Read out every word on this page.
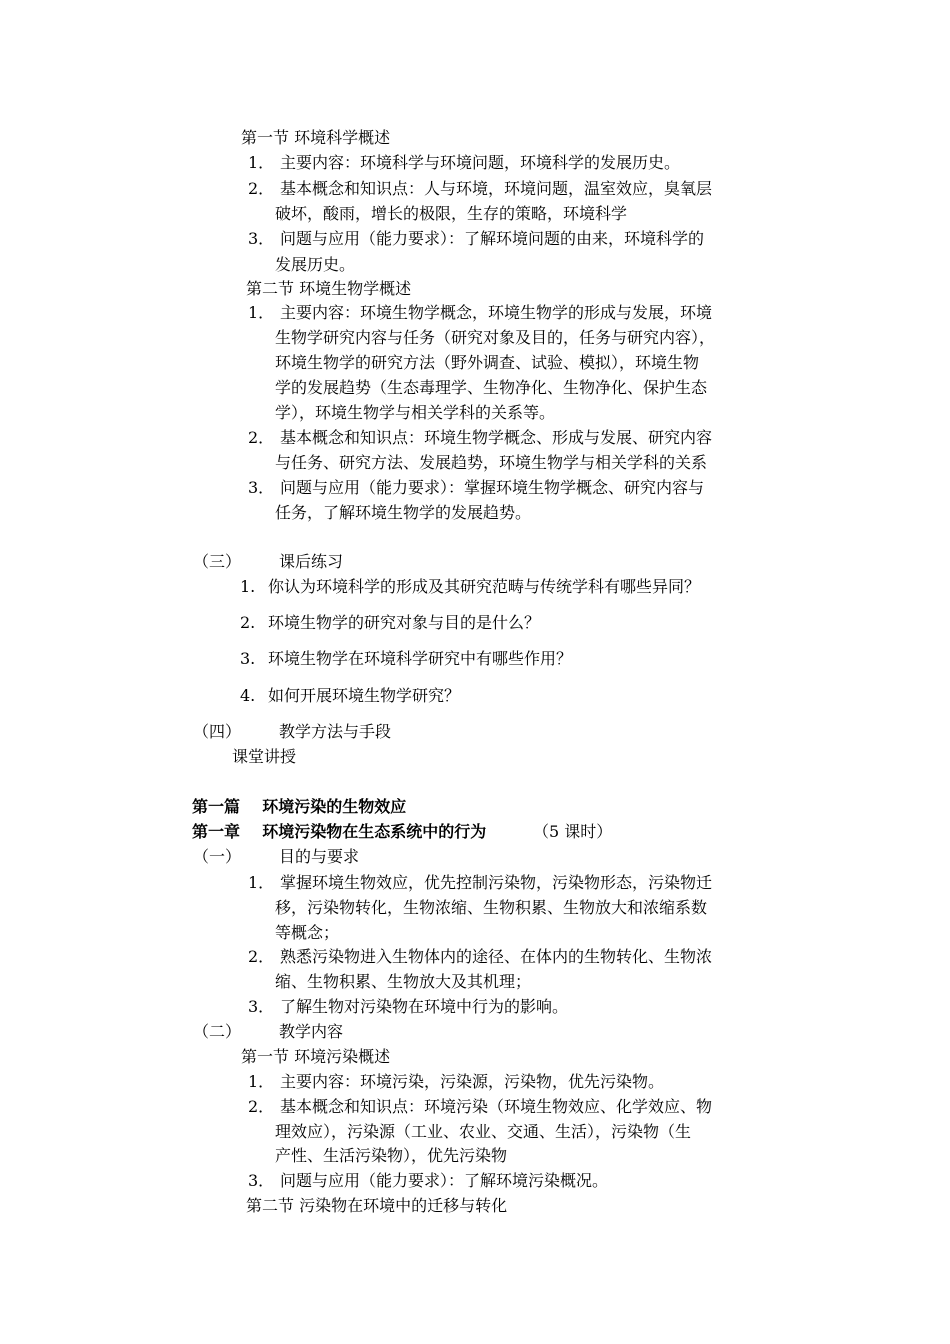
第一节 环境科学概述
1． 主要内容：环境科学与环境问题，环境科学的发展历史。
2． 基本概念和知识点：人与环境，环境问题，温室效应，臭氧层
破坏，酸雨，增长的极限，生存的策略，环境科学
3． 问题与应用（能力要求）：了解环境问题的由来，环境科学的
发展历史。
第二节 环境生物学概述
1． 主要内容：环境生物学概念，环境生物学的形成与发展，环境
生物学研究内容与任务（研究对象及目的，任务与研究内容），
环境生物学的研究方法（野外调查、试验、模拟），环境生物
学的发展趋势（生态毒理学、生物净化、生物净化、保护生态
学），环境生物学与相关学科的关系等。
2． 基本概念和知识点：环境生物学概念、形成与发展、研究内容
与任务、研究方法、发展趋势，环境生物学与相关学科的关系
3． 问题与应用（能力要求）：掌握环境生物学概念、研究内容与
任务，了解环境生物学的发展趋势。
（三） 课后练习
1. 你认为环境科学的形成及其研究范畴与传统学科有哪些异同？
2. 环境生物学的研究对象与目的是什么？
3. 环境生物学在环境科学研究中有哪些作用？
4. 如何开展环境生物学研究？
（四） 教学方法与手段
课堂讲授
第一篇    环境污染的生物效应
第一章    环境污染物在生态系统中的行为	（5 课时）
（一） 目的与要求
1． 掌握环境生物效应，优先控制污染物，污染物形态，污染物迁
移，污染物转化，生物浓缩、生物积累、生物放大和浓缩系数
等概念；
2． 熟悉污染物进入生物体内的途径、在体内的生物转化、生物浓
缩、生物积累、生物放大及其机理；
3． 了解生物对污染物在环境中行为的影响。
（二） 教学内容
第一节 环境污染概述
1． 主要内容：环境污染，污染源，污染物，优先污染物。
2． 基本概念和知识点：环境污染（环境生物效应、化学效应、物
理效应），污染源（工业、农业、交通、生活），污染物（生
产性、生活污染物），优先污染物
3． 问题与应用（能力要求）：了解环境污染概况。
第二节 污染物在环境中的迁移与转化
